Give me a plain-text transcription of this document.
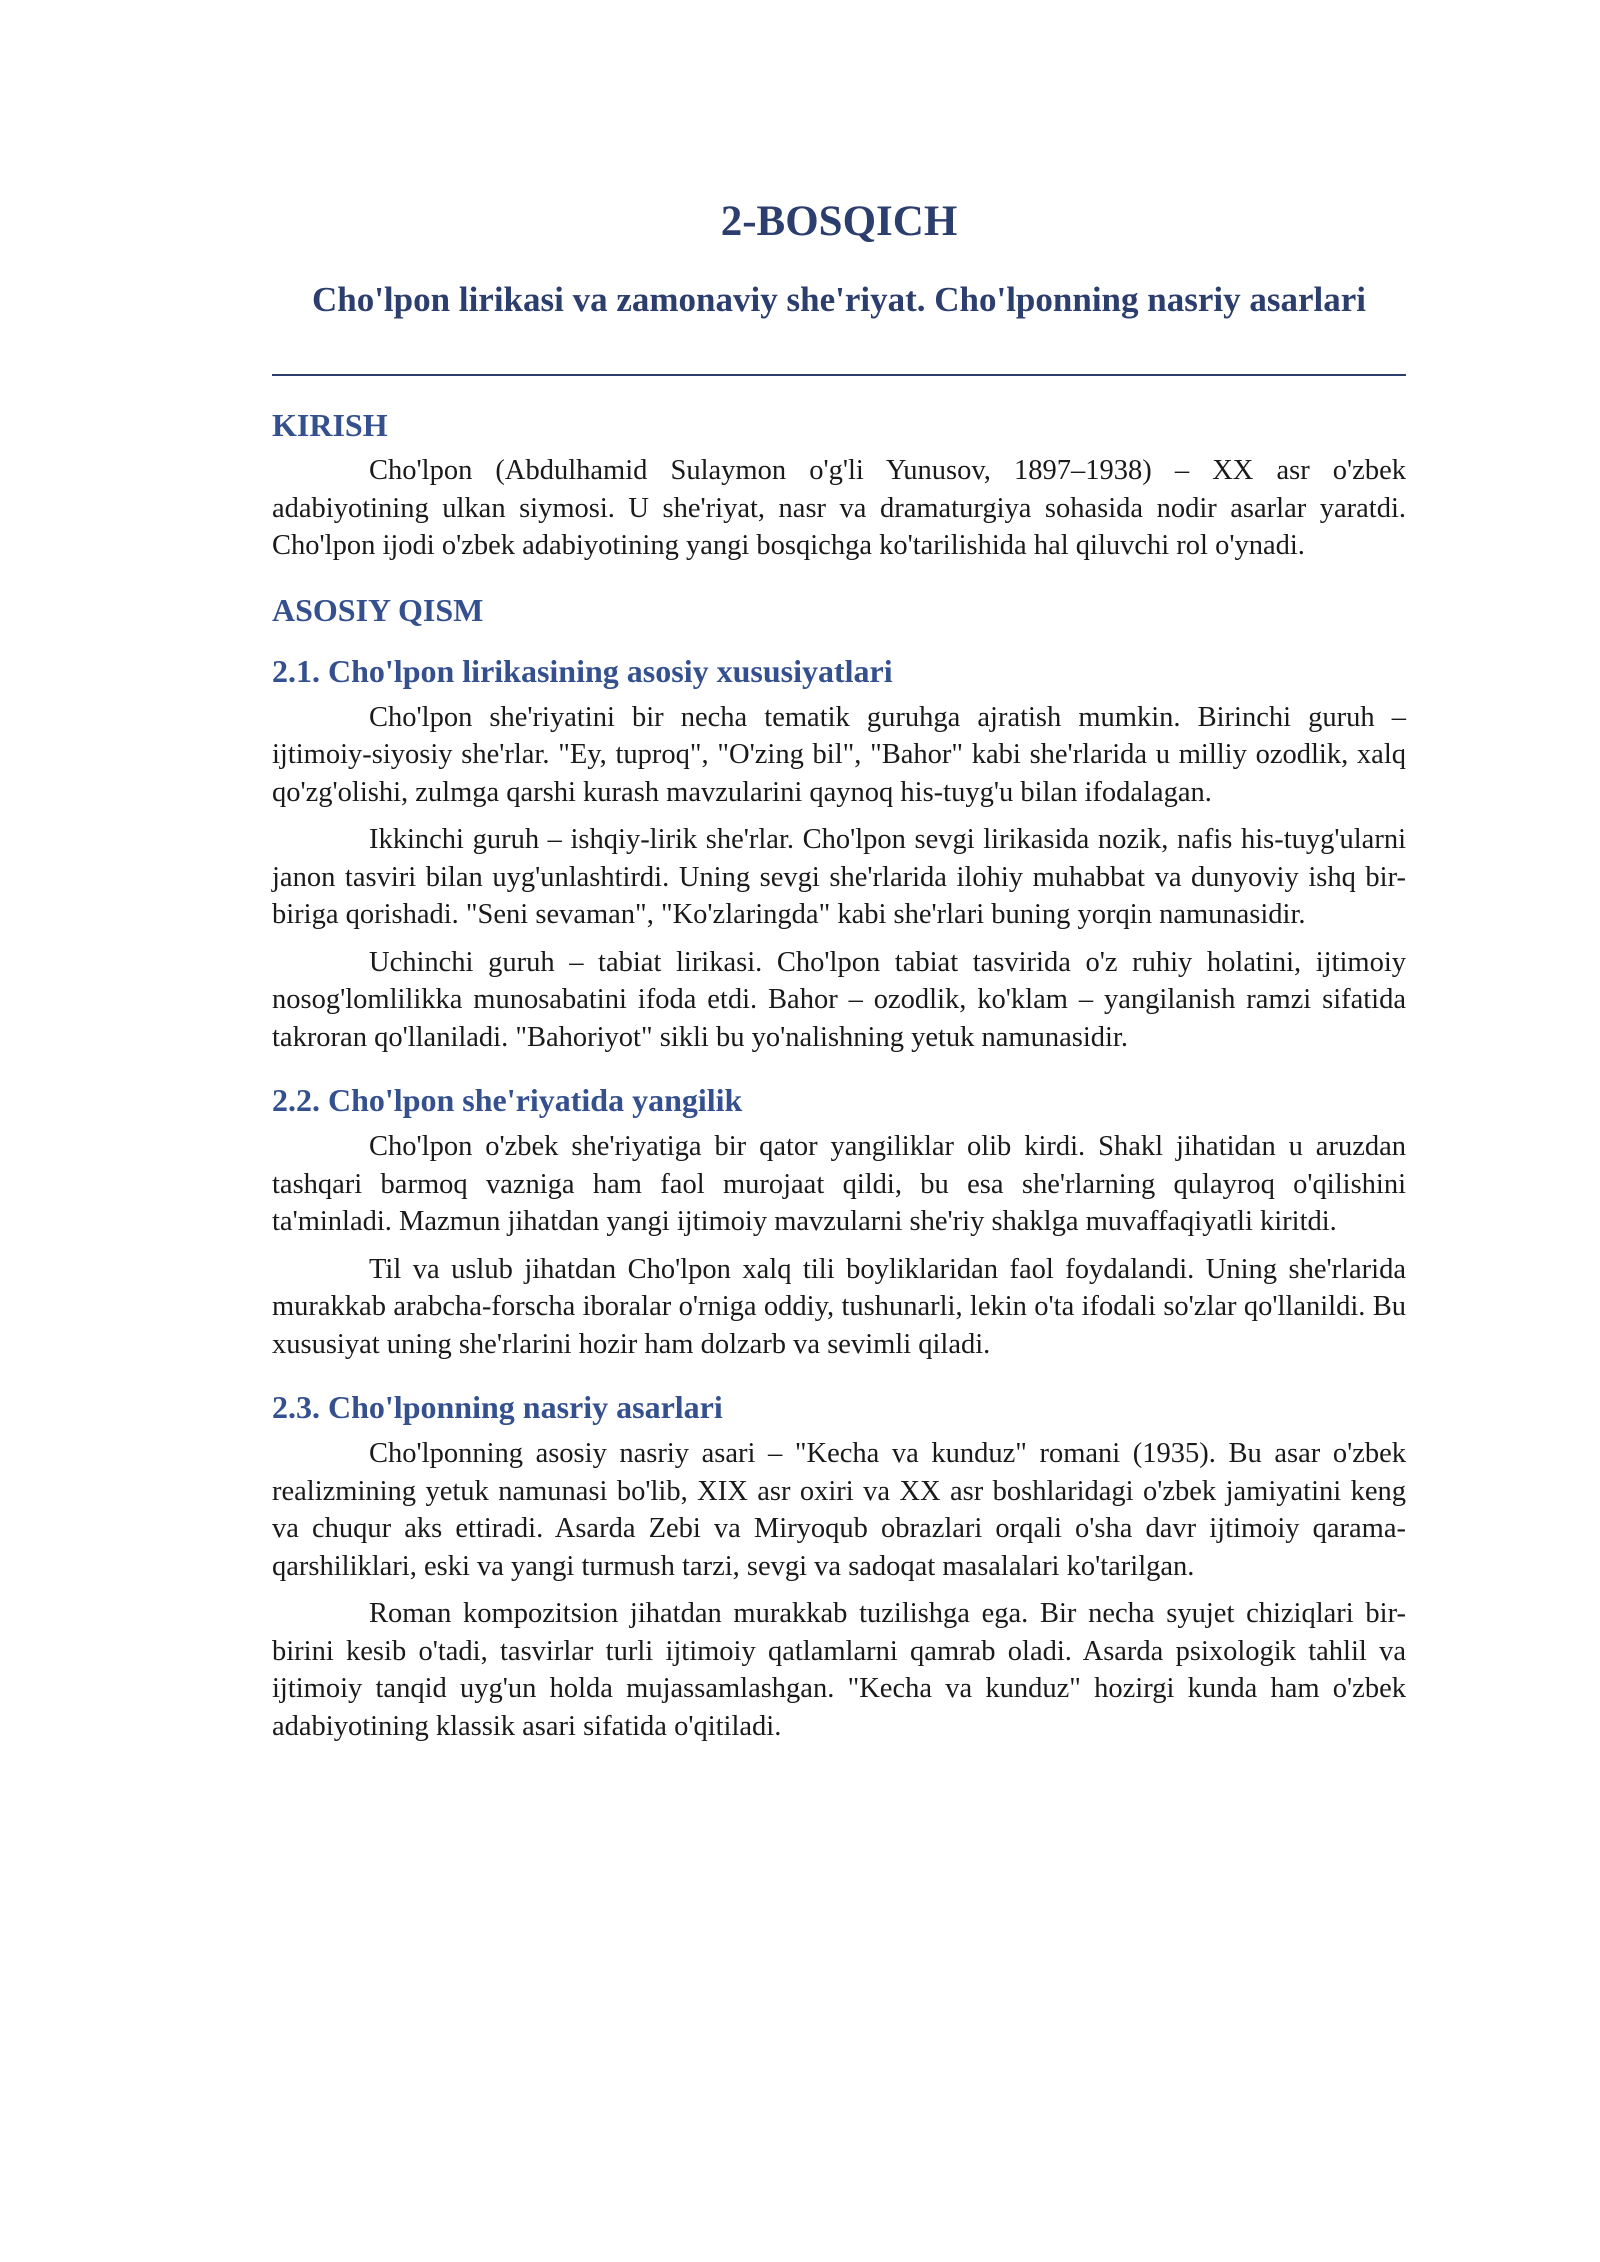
2-BOSQICH
Cho'lpon lirikasi va zamonaviy she'riyat. Cho'lponning nasriy asarlari
KIRISH

Cho'lpon (Abdulhamid Sulaymon o'g'li Yunusov, 1897–1938) – XX asr o'zbek adabiyotining ulkan siymosi. U she'riyat, nasr va dramaturgiya sohasida nodir asarlar yaratdi. Cho'lpon ijodi o'zbek adabiyotining yangi bosqichga ko'tarilishida hal qiluvchi rol o'ynadi.

ASOSIY QISM
2.1. Cho'lpon lirikasining asosiy xususiyatlari

Cho'lpon she'riyatini bir necha tematik guruhga ajratish mumkin. Birinchi guruh – ijtimoiy-siyosiy she'rlar. "Ey, tuproq", "O'zing bil", "Bahor" kabi she'rlarida u milliy ozodlik, xalq qo'zg'olishi, zulmga qarshi kurash mavzularini qaynoq his-tuyg'u bilan ifodalagan.

Ikkinchi guruh – ishqiy-lirik she'rlar. Cho'lpon sevgi lirikasida nozik, nafis his-tuyg'ularni janon tasviri bilan uyg'unlashtirdi. Uning sevgi she'rlarida ilohiy muhabbat va dunyoviy ishq bir-biriga qorishadi. "Seni sevaman", "Ko'zlaringda" kabi she'rlari buning yorqin namunasidir.

Uchinchi guruh – tabiat lirikasi. Cho'lpon tabiat tasvirida o'z ruhiy holatini, ijtimoiy nosog'lomlilikka munosabatini ifoda etdi. Bahor – ozodlik, ko'klam – yangilanish ramzi sifatida takroran qo'llaniladi. "Bahoriyot" sikli bu yo'nalishning yetuk namunasidir.

2.2. Cho'lpon she'riyatida yangilik

Cho'lpon o'zbek she'riyatiga bir qator yangiliklar olib kirdi. Shakl jihatidan u aruzdan tashqari barmoq vazniga ham faol murojaat qildi, bu esa she'rlarning qulayroq o'qilishini ta'minladi. Mazmun jihatdan yangi ijtimoiy mavzularni she'riy shaklga muvaffaqiyatli kiritdi.

Til va uslub jihatdan Cho'lpon xalq tili boyliklaridan faol foydalandi. Uning she'rlarida murakkab arabcha-forscha iboralar o'rniga oddiy, tushunarli, lekin o'ta ifodali so'zlar qo'llanildi. Bu xususiyat uning she'rlarini hozir ham dolzarb va sevimli qiladi.

2.3. Cho'lponning nasriy asarlari

Cho'lponning asosiy nasriy asari – "Kecha va kunduz" romani (1935). Bu asar o'zbek realizmining yetuk namunasi bo'lib, XIX asr oxiri va XX asr boshlaridagi o'zbek jamiyatini keng va chuqur aks ettiradi. Asarda Zebi va Miryoqub obrazlari orqali o'sha davr ijtimoiy qarama-qarshiliklari, eski va yangi turmush tarzi, sevgi va sadoqat masalalari ko'tarilgan.

Roman kompozitsion jihatdan murakkab tuzilishga ega. Bir necha syujet chiziqlari bir-birini kesib o'tadi, tasvirlar turli ijtimoiy qatlamlarni qamrab oladi. Asarda psixologik tahlil va ijtimoiy tanqid uyg'un holda mujassamlashgan. "Kecha va kunduz" hozirgi kunda ham o'zbek adabiyotining klassik asari sifatida o'qitiladi.
